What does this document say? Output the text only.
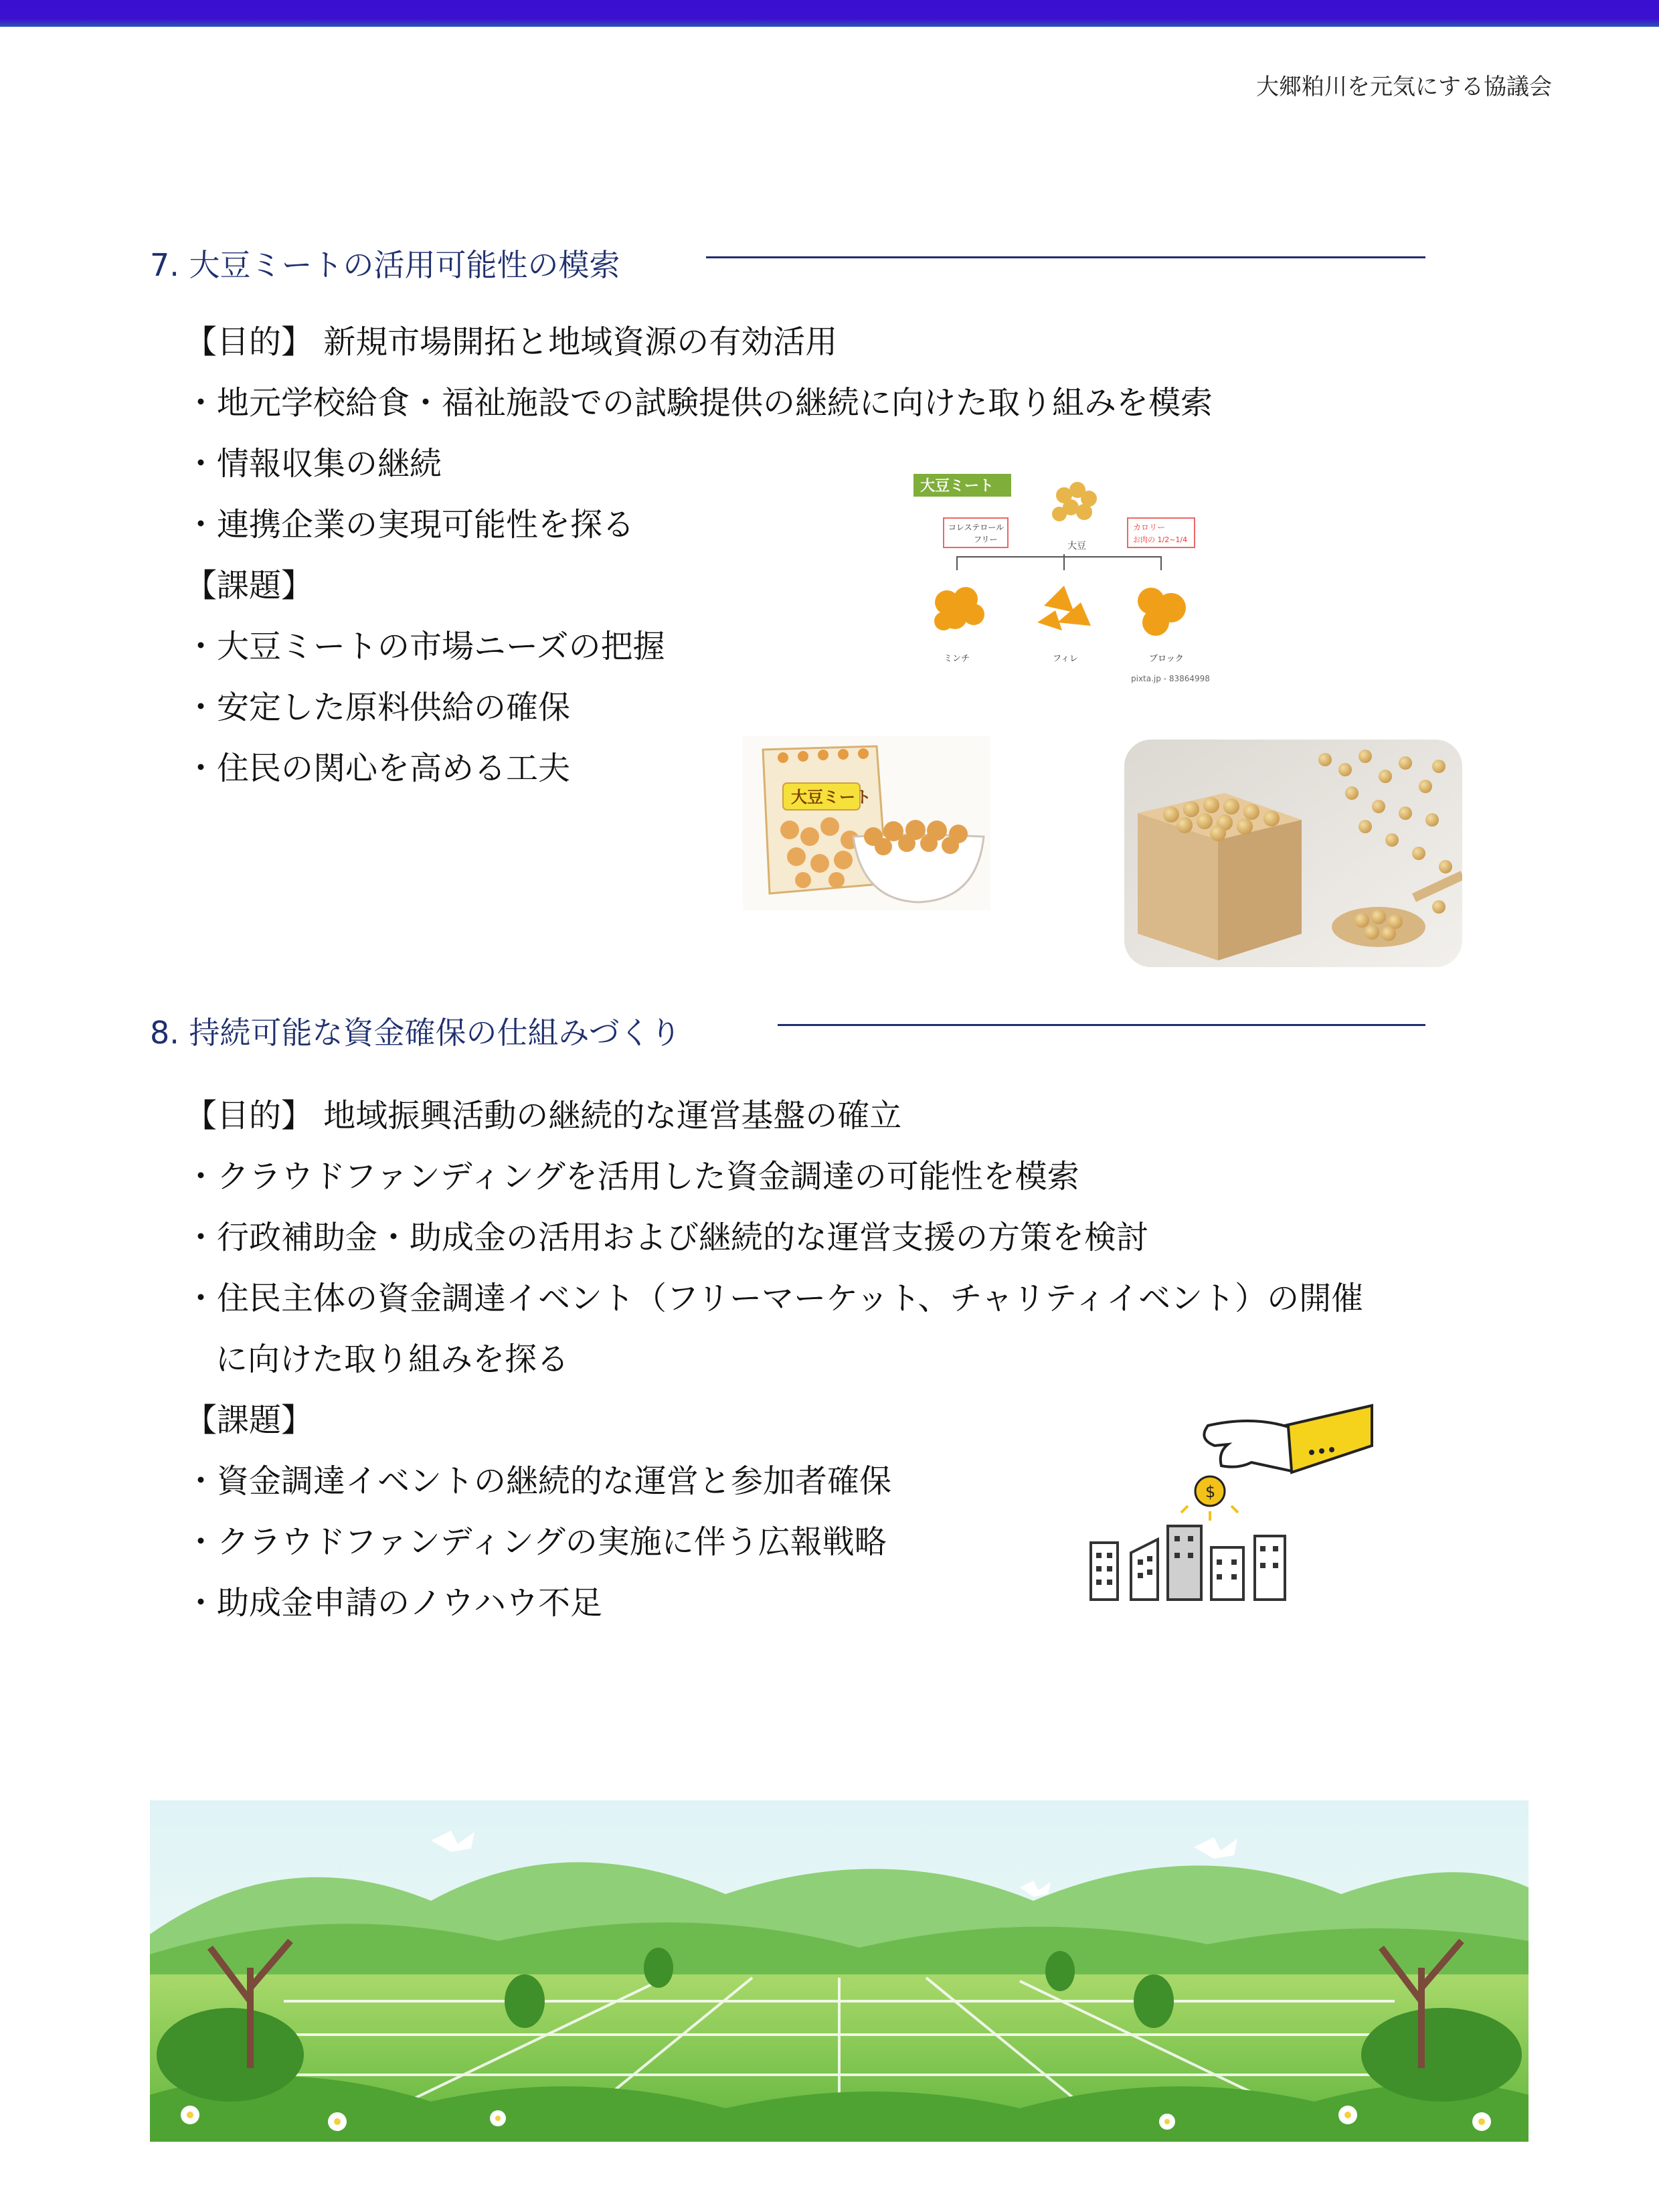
大郷粕川を元気にする協議会
7. 大豆ミートの活用可能性の模索
【目的】 新規市場開拓と地域資源の有効活用
・地元学校給食・福祉施設での試験提供の継続に向けた取り組みを模索
・情報収集の継続
・連携企業の実現可能性を探る
【課題】
・大豆ミートの市場ニーズの把握
・安定した原料供給の確保
・住民の関心を高める工夫
大豆ミート
大豆
コレステロール
フリー
カロリー
お肉の 1/2~1/4
ミンチ	フィレ	ブロック
pixta.jp - 83864998
大豆ミート
8. 持続可能な資金確保の仕組みづくり
【目的】 地域振興活動の継続的な運営基盤の確立
・クラウドファンディングを活用した資金調達の可能性を模索
・行政補助金・助成金の活用および継続的な運営支援の方策を検討
・住民主体の資金調達イベント（フリーマーケット、チャリティイベント）の開催
に向けた取り組みを探る
【課題】
・資金調達イベントの継続的な運営と参加者確保
・クラウドファンディングの実施に伴う広報戦略
・助成金申請のノウハウ不足
$
